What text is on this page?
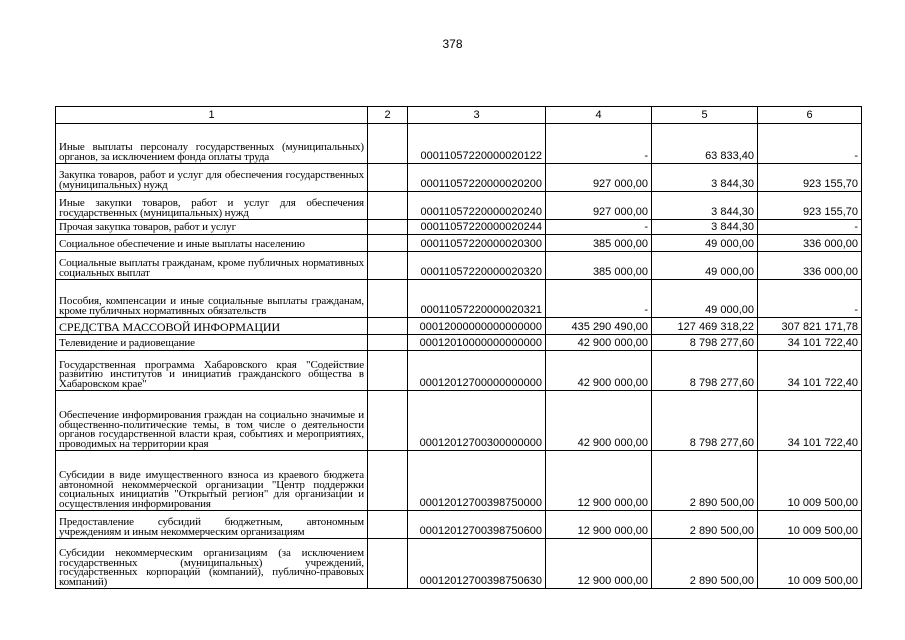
378
1	2	3	4	5	6
Иные выплаты персоналу государственных (муниципальных) органов, за исключением фонда оплаты труда		00011057220000020122	-	63 833,40	-
Закупка товаров, работ и услуг для обеспечения государственных (муниципальных) нужд		00011057220000020200	927 000,00	3 844,30	923 155,70
Иные закупки товаров, работ и услуг для обеспечения государственных (муниципальных) нужд		00011057220000020240	927 000,00	3 844,30	923 155,70
Прочая закупка товаров, работ и услуг		00011057220000020244	-	3 844,30	-
Социальное обеспечение и иные выплаты населению		00011057220000020300	385 000,00	49 000,00	336 000,00
Социальные выплаты гражданам, кроме публичных нормативных социальных выплат		00011057220000020320	385 000,00	49 000,00	336 000,00
Пособия, компенсации и иные социальные выплаты гражданам, кроме публичных нормативных обязательств		00011057220000020321	-	49 000,00	-
СРЕДСТВА МАССОВОЙ ИНФОРМАЦИИ		00012000000000000000	435 290 490,00	127 469 318,22	307 821 171,78
Телевидение и радиовещание		00012010000000000000	42 900 000,00	8 798 277,60	34 101 722,40
Государственная программа Хабаровского края "Содействие развитию институтов и инициатив гражданского общества в Хабаровском крае"		00012012700000000000	42 900 000,00	8 798 277,60	34 101 722,40
Обеспечение информирования граждан на социально значимые и общественно-политические темы, в том числе о деятельности органов государственной власти края, событиях и мероприятиях, проводимых на территории края		00012012700300000000	42 900 000,00	8 798 277,60	34 101 722,40
Субсидии в виде имущественного взноса из краевого бюджета автономной некоммерческой организации "Центр поддержки социальных инициатив "Открытый регион" для организации и осуществления информирования		00012012700398750000	12 900 000,00	2 890 500,00	10 009 500,00
Предоставление субсидий бюджетным, автономным учреждениям и иным некоммерческим организациям		00012012700398750600	12 900 000,00	2 890 500,00	10 009 500,00
Субсидии некоммерческим организациям (за исключением государственных (муниципальных) учреждений, государственных корпораций (компаний), публично-правовых компаний)		00012012700398750630	12 900 000,00	2 890 500,00	10 009 500,00
